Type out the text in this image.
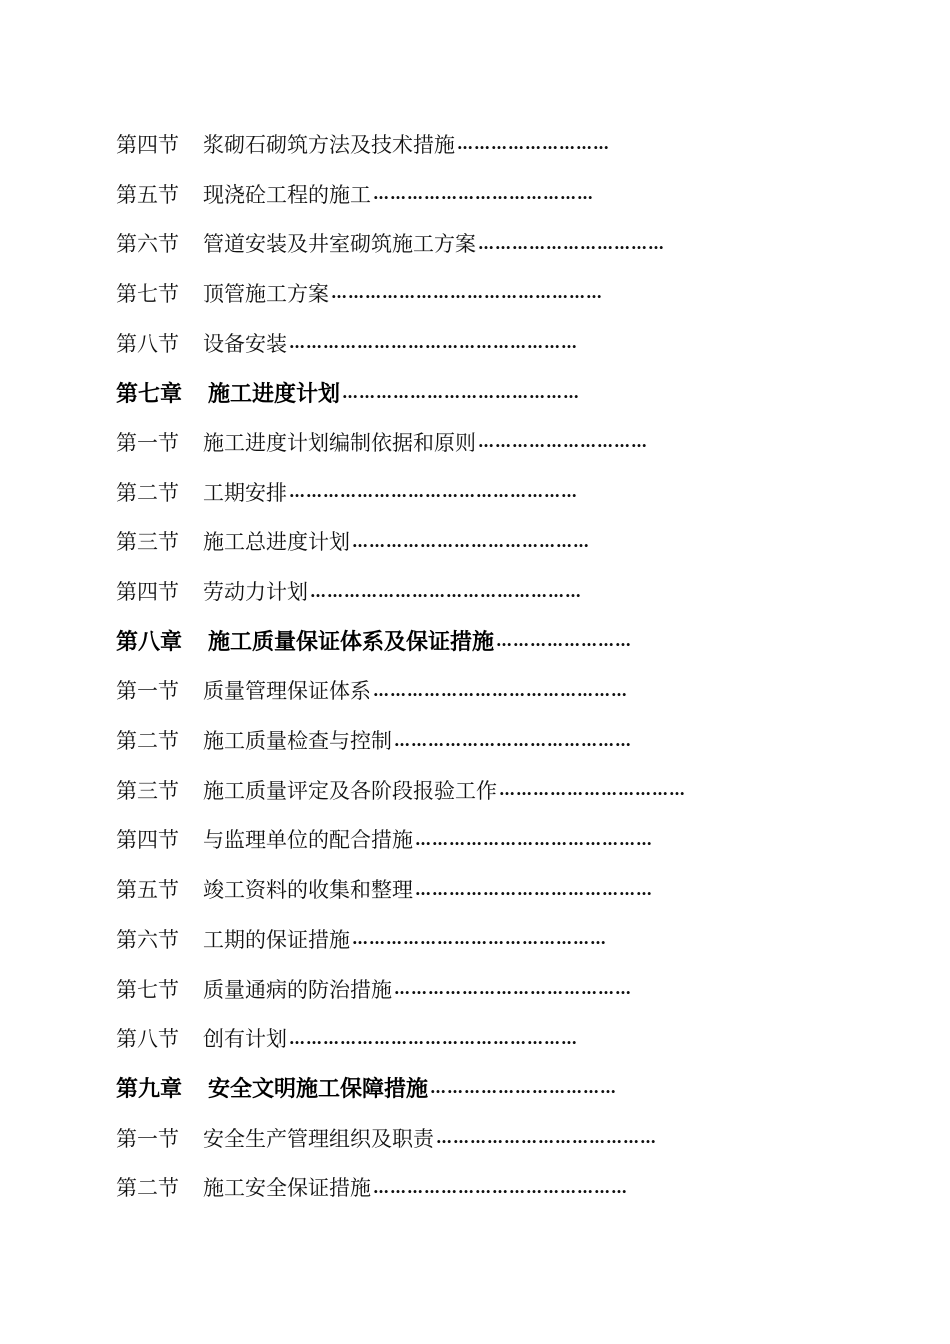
第四节 浆砌石砌筑方法及技术措施 ………………………
第五节 现浇砼工程的施工 …………………………………
第六节 管道安装及井室砌筑施工方案 ……………………………
第七节 顶管施工方案 …………………………………………
第八节 设备安装 ……………………………………………
第七章 施工进度计划 ……………………………………
第一节 施工进度计划编制依据和原则 …………………………
第二节 工期安排 ……………………………………………
第三节 施工总进度计划 ……………………………………
第四节 劳动力计划 …………………………………………
第八章 施工质量保证体系及保证措施 ……………………
第一节 质量管理保证体系 ………………………………………
第二节 施工质量检查与控制 ……………………………………
第三节 施工质量评定及各阶段报验工作 ……………………………
第四节 与监理单位的配合措施 ……………………………………
第五节 竣工资料的收集和整理 ……………………………………
第六节 工期的保证措施 ………………………………………
第七节 质量通病的防治措施 ……………………………………
第八节 创有计划 ……………………………………………
第九章 安全文明施工保障措施 ……………………………
第一节 安全生产管理组织及职责 …………………………………
第二节 施工安全保证措施 ………………………………………
